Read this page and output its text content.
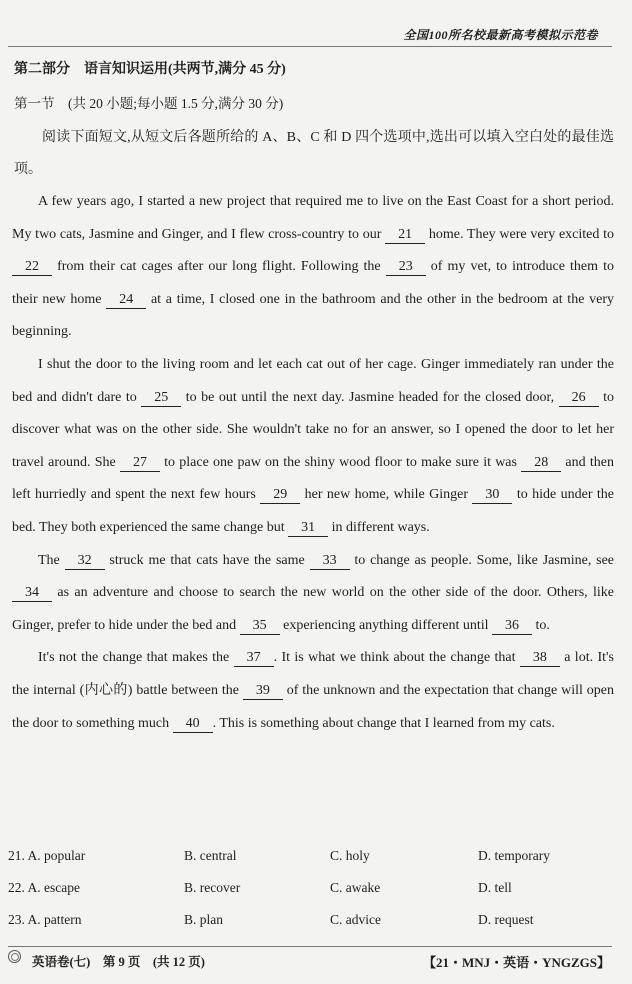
全国100所名校最新高考模拟示范卷
第二部分　语言知识运用(共两节,满分 45 分)
第一节　(共 20 小题;每小题 1.5 分,满分 30 分)
阅读下面短文,从短文后各题所给的 A、B、C 和 D 四个选项中,选出可以填入空白处的最佳选项。

A few years ago, I started a new project that required me to live on the East Coast for a short period. My two cats, Jasmine and Ginger, and I flew cross-country to our 21 home. They were very excited to 22 from their cat cages after our long flight. Following the 23 of my vet, to introduce them to their new home 24 at a time, I closed one in the bathroom and the other in the bedroom at the very beginning.

I shut the door to the living room and let each cat out of her cage. Ginger immediately ran under the bed and didn't dare to 25 to be out until the next day. Jasmine headed for the closed door, 26 to discover what was on the other side. She wouldn't take no for an answer, so I opened the door to let her travel around. She 27 to place one paw on the shiny wood floor to make sure it was 28 and then left hurriedly and spent the next few hours 29 her new home, while Ginger 30 to hide under the bed. They both experienced the same change but 31 in different ways.

The 32 struck me that cats have the same 33 to change as people. Some, like Jasmine, see 34 as an adventure and choose to search the new world on the other side of the door. Others, like Ginger, prefer to hide under the bed and 35 experiencing anything different until 36 to.

It's not the change that makes the 37 . It is what we think about the change that 38 a lot. It's the internal (内心的) battle between the 39 of the unknown and the expectation that change will open the door to something much 40 . This is something about change that I learned from my cats.

21. A. popular	B. central	C. holy	D. temporary
22. A. escape	B. recover	C. awake	D. tell
23. A. pattern	B. plan	C. advice	D. request
英语卷(七)　第 9 页　(共 12 页)	【21・MNJ・英语・YNGZGS】
